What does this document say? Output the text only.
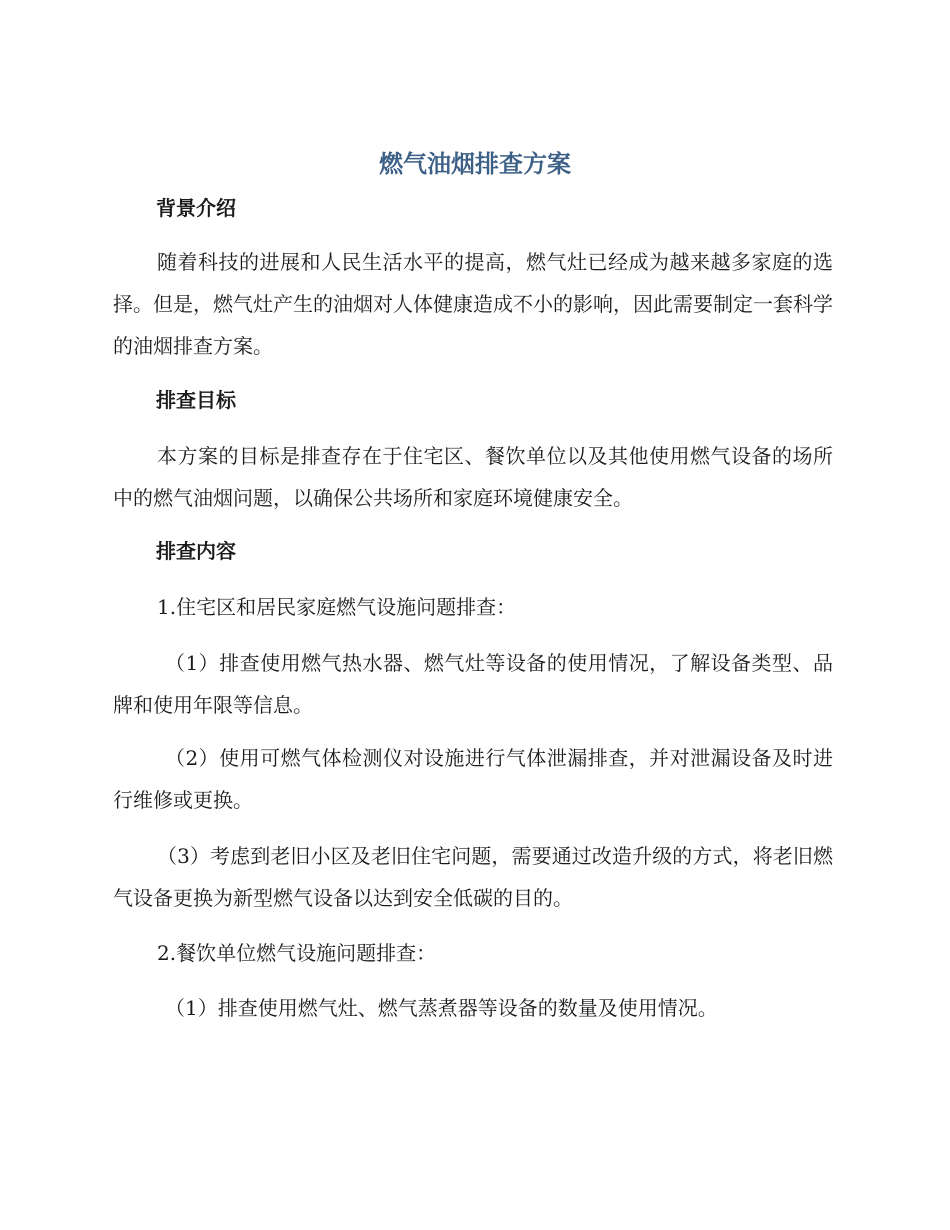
燃气油烟排查方案
背景介绍

随着科技的进展和人民生活水平的提高，燃气灶已经成为越来越多家庭的选择。但是，燃气灶产生的油烟对人体健康造成不小的影响，因此需要制定一套科学的油烟排查方案。

排查目标

本方案的目标是排查存在于住宅区、餐饮单位以及其他使用燃气设备的场所中的燃气油烟问题，以确保公共场所和家庭环境健康安全。

排查内容

1.住宅区和居民家庭燃气设施问题排查：

（1）排查使用燃气热水器、燃气灶等设备的使用情况，了解设备类型、品牌和使用年限等信息。

（2）使用可燃气体检测仪对设施进行气体泄漏排查，并对泄漏设备及时进行维修或更换。

（3）考虑到老旧小区及老旧住宅问题，需要通过改造升级的方式，将老旧燃气设备更换为新型燃气设备以达到安全低碳的目的。

2.餐饮单位燃气设施问题排查：

（1）排查使用燃气灶、燃气蒸煮器等设备的数量及使用情况。
